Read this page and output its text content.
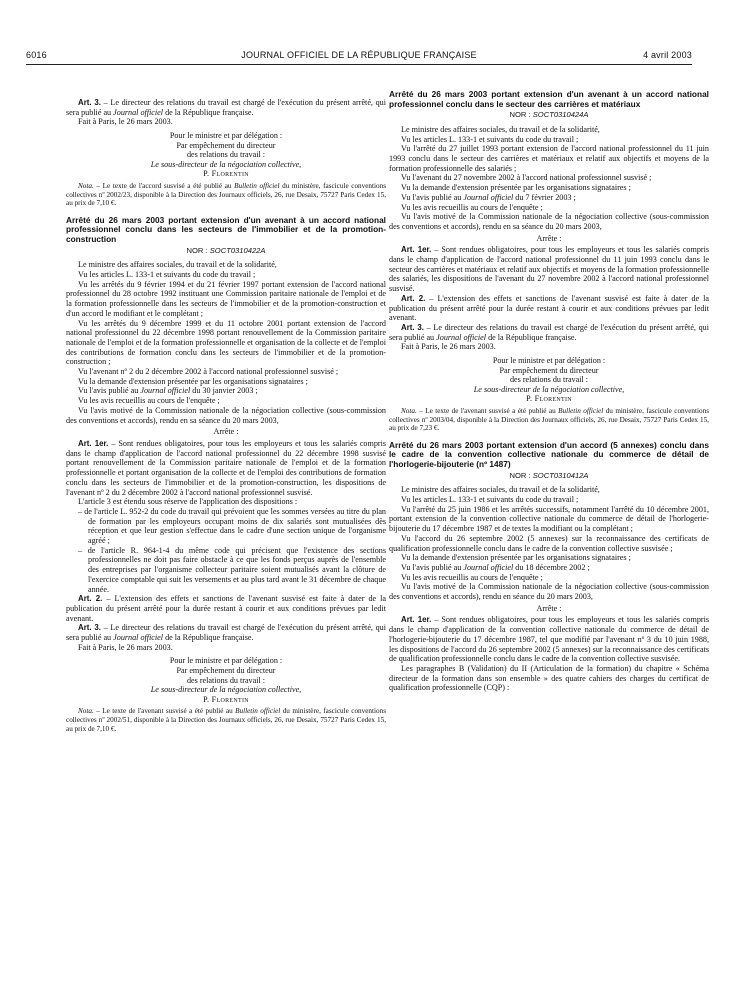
6016	JOURNAL OFFICIEL DE LA RÉPUBLIQUE FRANÇAISE	4 avril 2003

Art. 3. – Le directeur des relations du travail est chargé de l'exécution du présent arrêté, qui sera publié au Journal officiel de la République française.

Fait à Paris, le 26 mars 2003.

Pour le ministre et par délégation :

Par empêchement du directeur

des relations du travail :

Le sous-directeur de la négociation collective,

P. Florentin

Nota. – Le texte de l'accord susvisé a été publié au Bulletin officiel du ministère, fascicule conventions collectives nº 2002/23, disponible à la Direction des Journaux officiels, 26, rue Desaix, 75727 Paris Cedex 15, au prix de 7,10 €.

Arrêté du 26 mars 2003 portant extension d'un avenant à un accord national professionnel conclu dans les secteurs de l'immobilier et de la promotion-construction

NOR : SOCT0310422A

Le ministre des affaires sociales, du travail et de la solidarité,

Vu les articles L. 133-1 et suivants du code du travail ;

Vu les arrêtés du 9 février 1994 et du 21 février 1997 portant extension de l'accord national professionnel du 28 octobre 1992 instituant une Commission paritaire nationale de l'emploi et de la formation professionnelle dans les secteurs de l'immobilier et de la promotion-construction et d'un accord le modifiant et le complétant ;

Vu les arrêtés du 9 décembre 1999 et du 11 octobre 2001 portant extension de l'accord national professionnel du 22 décembre 1998 portant renouvellement de la Commission paritaire nationale de l'emploi et de la formation professionnelle et organisation de la collecte et de l'emploi des contributions de formation conclu dans les secteurs de l'immobilier et de la promotion-construction ;

Vu l'avenant nº 2 du 2 décembre 2002 à l'accord national professionnel susvisé ;

Vu la demande d'extension présentée par les organisations signataires ;

Vu l'avis publié au Journal officiel du 30 janvier 2003 ;

Vu les avis recueillis au cours de l'enquête ;

Vu l'avis motivé de la Commission nationale de la négociation collective (sous-commission des conventions et accords), rendu en sa séance du 20 mars 2003,

Arrête :

Art. 1er. – Sont rendues obligatoires, pour tous les employeurs et tous les salariés compris dans le champ d'application de l'accord national professionnel du 22 décembre 1998 susvisé portant renouvellement de la Commission paritaire nationale de l'emploi et de la formation professionnelle et portant organisation de la collecte et de l'emploi des contributions de formation conclu dans les secteurs de l'immobilier et de la promotion-construction, les dispositions de l'avenant nº 2 du 2 décembre 2002 à l'accord national professionnel susvisé.

L'article 3 est étendu sous réserve de l'application des dispositions :

– de l'article L. 952-2 du code du travail qui prévoient que les sommes versées au titre du plan de formation par les employeurs occupant moins de dix salariés sont mutualisées dès réception et que leur gestion s'effectue dans le cadre d'une section unique de l'organisme agréé ;

– de l'article R. 964-1-4 du même code qui précisent que l'existence des sections professionnelles ne doit pas faire obstacle à ce que les fonds perçus auprès de l'ensemble des entreprises par l'organisme collecteur paritaire soient mutualisés avant la clôture de l'exercice comptable qui suit les versements et au plus tard avant le 31 décembre de chaque année.

Art. 2. – L'extension des effets et sanctions de l'avenant susvisé est faite à dater de la publication du présent arrêté pour la durée restant à courir et aux conditions prévues par ledit avenant.

Art. 3. – Le directeur des relations du travail est chargé de l'exécution du présent arrêté, qui sera publié au Journal officiel de la République française.

Fait à Paris, le 26 mars 2003.

Pour le ministre et par délégation :

Par empêchement du directeur

des relations du travail :

Le sous-directeur de la négociation collective,

P. Florentin

Nota. – Le texte de l'avenant susvisé a été publié au Bulletin officiel du ministère, fascicule conventions collectives nº 2002/51, disponible à la Direction des Journaux officiels, 26, rue Desaix, 75727 Paris Cedex 15, au prix de 7,10 €.

Arrêté du 26 mars 2003 portant extension d'un avenant à un accord national professionnel conclu dans le secteur des carrières et matériaux

NOR : SOCT0310424A

Le ministre des affaires sociales, du travail et de la solidarité,

Vu les articles L. 133-1 et suivants du code du travail ;

Vu l'arrêté du 27 juillet 1993 portant extension de l'accord national professionnel du 11 juin 1993 conclu dans le secteur des carrières et matériaux et relatif aux objectifs et moyens de la formation professionnelle des salariés ;

Vu l'avenant du 27 novembre 2002 à l'accord national professionnel susvisé ;

Vu la demande d'extension présentée par les organisations signataires ;

Vu l'avis publié au Journal officiel du 7 février 2003 ;

Vu les avis recueillis au cours de l'enquête ;

Vu l'avis motivé de la Commission nationale de la négociation collective (sous-commission des conventions et accords), rendu en sa séance du 20 mars 2003,

Arrête :

Art. 1er. – Sont rendues obligatoires, pour tous les employeurs et tous les salariés compris dans le champ d'application de l'accord national professionnel du 11 juin 1993 conclu dans le secteur des carrières et matériaux et relatif aux objectifs et moyens de la formation professionnelle des salariés, les dispositions de l'avenant du 27 novembre 2002 à l'accord national professionnel susvisé.

Art. 2. – L'extension des effets et sanctions de l'avenant susvisé est faite à dater de la publication du présent arrêté pour la durée restant à courir et aux conditions prévues par ledit avenant.

Art. 3. – Le directeur des relations du travail est chargé de l'exécution du présent arrêté, qui sera publié au Journal officiel de la République française.

Fait à Paris, le 26 mars 2003.

Pour le ministre et par délégation :

Par empêchement du directeur

des relations du travail :

Le sous-directeur de la négociation collective,

P. Florentin

Nota. – Le texte de l'avenant susvisé a été publié au Bulletin officiel du ministère, fascicule conventions collectives nº 2003/04, disponible à la Direction des Journaux officiels, 26, rue Desaix, 75727 Paris Cedex 15, au prix de 7,23 €.

Arrêté du 26 mars 2003 portant extension d'un accord (5 annexes) conclu dans le cadre de la convention collective nationale du commerce de détail de l'horlogerie-bijouterie (nº 1487)

NOR : SOCT0310412A

Le ministre des affaires sociales, du travail et de la solidarité,

Vu les articles L. 133-1 et suivants du code du travail ;

Vu l'arrêté du 25 juin 1986 et les arrêtés successifs, notamment l'arrêté du 10 décembre 2001, portant extension de la convention collective nationale du commerce de détail de l'horlogerie-bijouterie du 17 décembre 1987 et de textes la modifiant ou la complétant ;

Vu l'accord du 26 septembre 2002 (5 annexes) sur la reconnaissance des certificats de qualification professionnelle conclu dans le cadre de la convention collective susvisée ;

Vu la demande d'extension présentée par les organisations signataires ;

Vu l'avis publié au Journal officiel du 18 décembre 2002 ;

Vu les avis recueillis au cours de l'enquête ;

Vu l'avis motivé de la Commission nationale de la négociation collective (sous-commission des conventions et accords), rendu en séance du 20 mars 2003,

Arrête :

Art. 1er. – Sont rendues obligatoires, pour tous les employeurs et tous les salariés compris dans le champ d'application de la convention collective nationale du commerce de détail de l'horlogerie-bijouterie du 17 décembre 1987, tel que modifié par l'avenant nº 3 du 10 juin 1988, les dispositions de l'accord du 26 septembre 2002 (5 annexes) sur la reconnaissance des certificats de qualification professionnelle conclu dans le cadre de la convention collective susvisée.

Les paragraphes B (Validation) du II (Articulation de la formation) du chapitre « Schéma directeur de la formation dans son ensemble » des quatre cahiers des charges du certificat de qualification professionnelle (CQP) :
